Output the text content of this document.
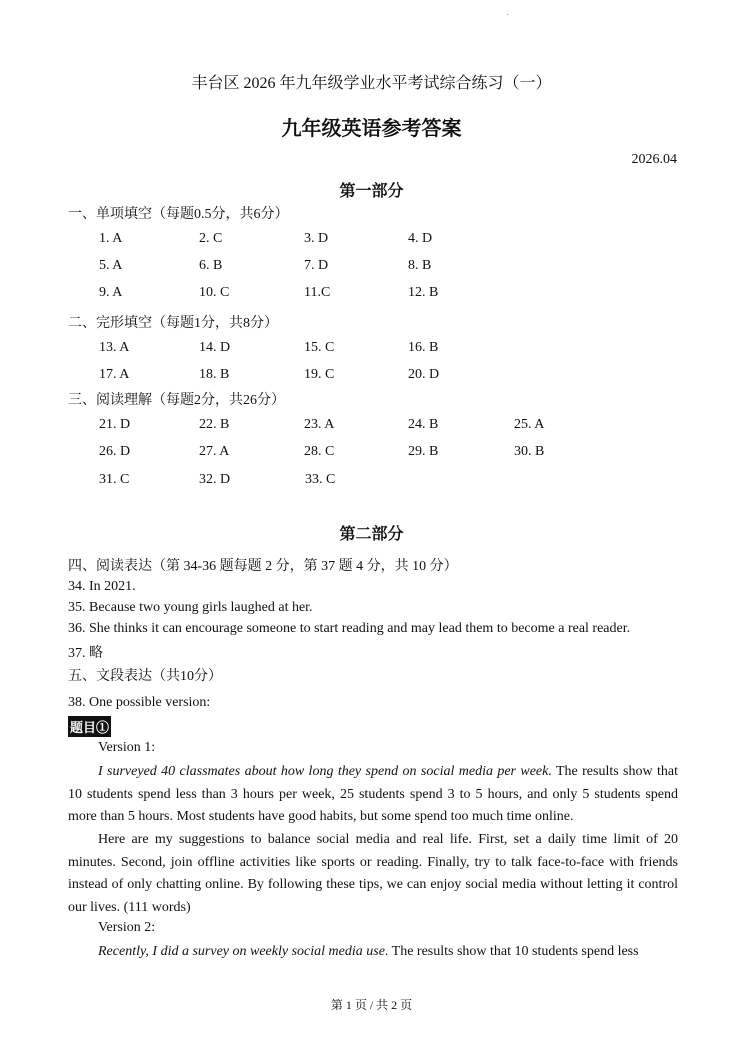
丰台区 2026 年九年级学业水平考试综合练习（一）
九年级英语参考答案
2026.04
第一部分
一、单项填空（每题0.5分，共6分）
1. A	2. C	3. D	4. D
5. A	6. B	7. D	8. B
9. A	10. C	11.C	12. B
二、完形填空（每题1分，共8分）
13. A	14. D	15. C	16. B
17. A	18. B	19. C	20. D
三、阅读理解（每题2分，共26分）
21. D	22. B	23. A	24. B	25. A
26. D	27. A	28. C	29. B	30. B
31. C	32. D	33. C
第二部分
四、阅读表达（第 34-36 题每题 2 分，第 37 题 4 分，共 10 分）
34. In 2021.
35. Because two young girls laughed at her.
36. She thinks it can encourage someone to start reading and may lead them to become a real reader.
37. 略
五、文段表达（共10分）
38. One possible version:
题目①
Version 1:
I surveyed 40 classmates about how long they spend on social media per week. The results show that 10 students spend less than 3 hours per week, 25 students spend 3 to 5 hours, and only 5 students spend more than 5 hours. Most students have good habits, but some spend too much time online.
Here are my suggestions to balance social media and real life. First, set a daily time limit of 20 minutes. Second, join offline activities like sports or reading. Finally, try to talk face-to-face with friends instead of only chatting online. By following these tips, we can enjoy social media without letting it control our lives. (111 words)
Version 2:
Recently, I did a survey on weekly social media use. The results show that 10 students spend less
第 1 页 / 共 2 页
